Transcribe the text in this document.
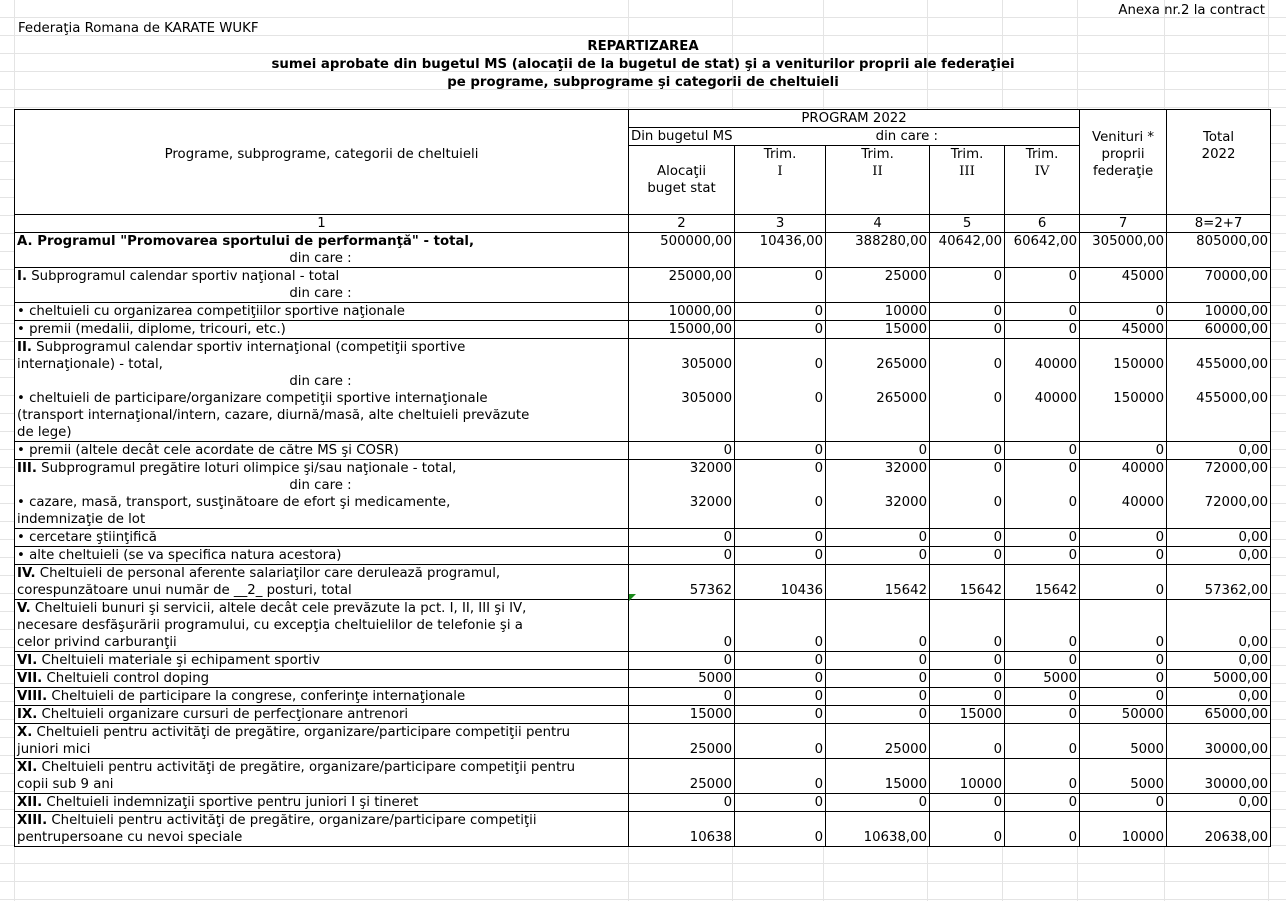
Anexa nr.2 la contract
Federaţia Romana de KARATE WUKF
REPARTIZAREA
sumei aprobate din bugetul MS (alocaţii de la bugetul de stat) şi a veniturilor proprii ale federaţiei
pe programe, subprograme şi categorii de cheltuieli
	PROGRAM 2022						
	Din bugetul MS	din care :				Venituri *	Total
Programe, subprograme, categorii de cheltuieli		Trim.	Trim.	Trim.	Trim.	proprii	2022
	Alocaţii	I	II	III	IV	federaţie	
	buget stat						

1	2	3	4	5	6	7	8=2+7
A. Programul "Promovarea sportului de performanţă" - total,	500000,00	10436,00	388280,00	40642,00	60642,00	305000,00	805000,00
din care :							
I. Subprogramul calendar sportiv naţional - total	25000,00	0	25000	0	0	45000	70000,00
din care :							
• cheltuieli cu organizarea competiţiilor sportive naţionale	10000,00	0	10000	0	0	0	10000,00
• premii (medalii, diplome, tricouri, etc.)	15000,00	0	15000	0	0	45000	60000,00
II. Subprogramul calendar sportiv internaţional (competiţii sportive							
internaţionale) - total,	305000	0	265000	0	40000	150000	455000,00
din care :							
• cheltuieli de participare/organizare competiţii sportive internaţionale	305000	0	265000	0	40000	150000	455000,00
(transport internaţional/intern, cazare, diurnă/masă, alte cheltuieli prevăzute							
de lege)							
• premii (altele decât cele acordate de către MS şi COSR)	0	0	0	0	0	0	0,00
III. Subprogramul pregătire loturi olimpice şi/sau naţionale - total,	32000	0	32000	0	0	40000	72000,00
din care :							
• cazare, masă, transport, susţinătoare de efort şi medicamente,	32000	0	32000	0	0	40000	72000,00
indemnizaţie de lot							
• cercetare ştiinţifică	0	0	0	0	0	0	0,00
• alte cheltuieli (se va specifica natura acestora)	0	0	0	0	0	0	0,00
IV. Cheltuieli de personal aferente salariaţilor care derulează programul,							
corespunzătoare unui număr de __2_ posturi, total	57362	10436	15642	15642	15642	0	57362,00
V. Cheltuieli bunuri şi servicii, altele decât cele prevăzute la pct. I, II, III şi IV,							
necesare desfăşurării programului, cu excepţia cheltuielilor de telefonie şi a							
celor privind carburanţii	0	0	0	0	0	0	0,00
VI. Cheltuieli materiale şi echipament sportiv	0	0	0	0	0	0	0,00
VII. Cheltuieli control doping	5000	0	0	0	5000	0	5000,00
VIII. Cheltuieli de participare la congrese, conferinţe internaţionale	0	0	0	0	0	0	0,00
IX. Cheltuieli organizare cursuri de perfecţionare antrenori	15000	0	0	15000	0	50000	65000,00
X. Cheltuieli pentru activităţi de pregătire, organizare/participare competiţii pentru							
juniori mici	25000	0	25000	0	0	5000	30000,00
XI. Cheltuieli pentru activităţi de pregătire, organizare/participare competiţii pentru							
copii sub 9 ani	25000	0	15000	10000	0	5000	30000,00
XII. Cheltuieli indemnizaţii sportive pentru juniori I şi tineret	0	0	0	0	0	0	0,00
XIII. Cheltuieli pentru activităţi de pregătire, organizare/participare competiţii							
pentrupersoane cu nevoi speciale	10638	0	10638,00	0	0	10000	20638,00
